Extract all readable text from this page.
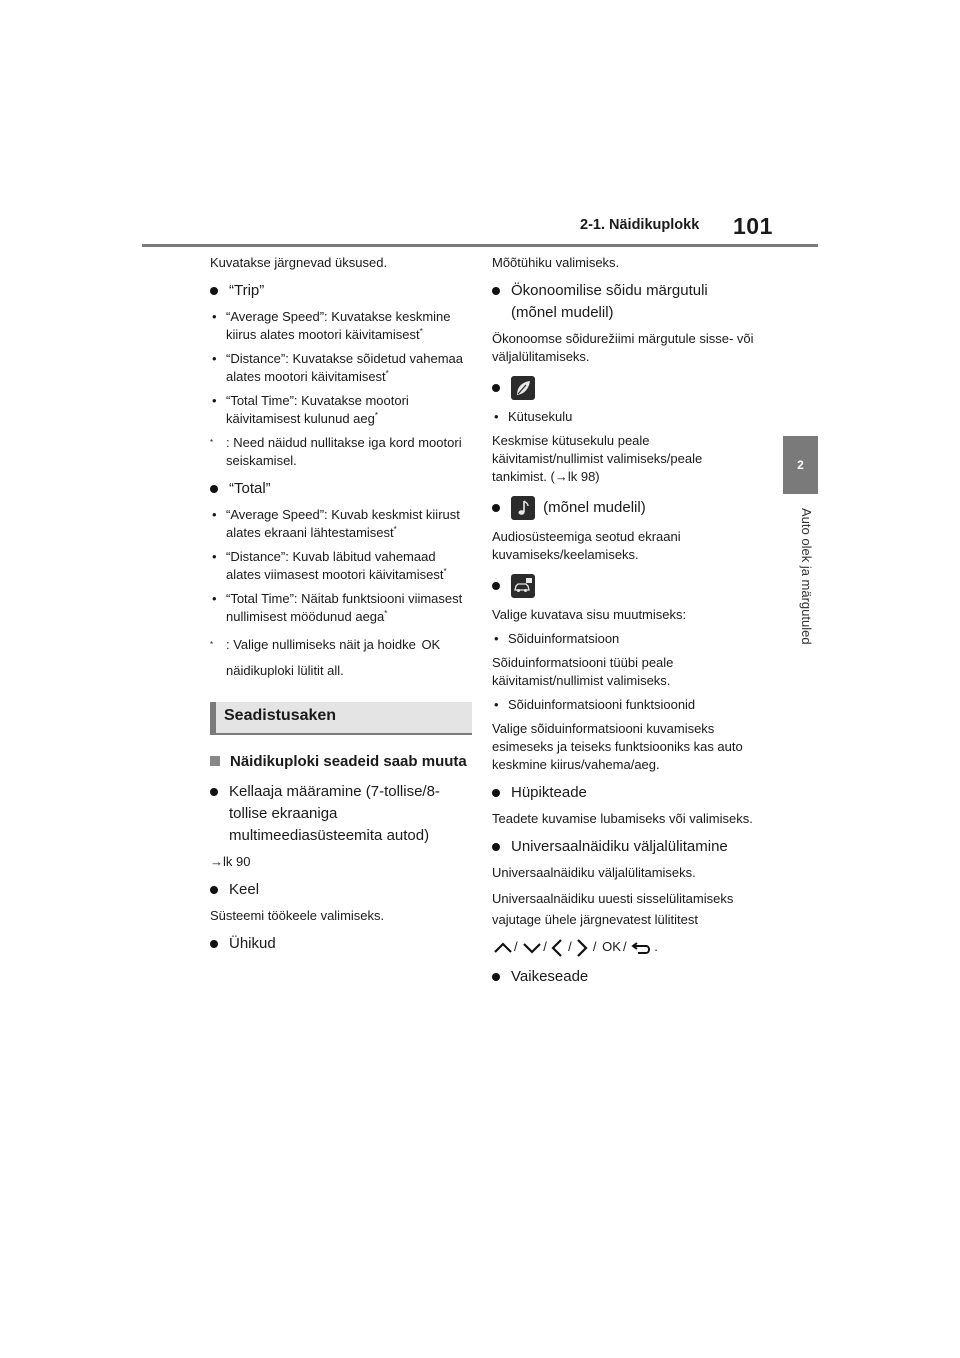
2-1. Näidikuplokk 101
2
Auto olek ja märgutuled

Kuvatakse järgnevad üksused.

“Trip”
• “Average Speed”: Kuvatakse keskmine kiirus alates mootori käivitamisest*
• “Distance”: Kuvatakse sõidetud vahemaa alates mootori käivitamisest*
• “Total Time”: Kuvatakse mootori käivitamisest kulunud aeg*
* : Need näidud nullitakse iga kord mootori seiskamisel.
“Total”
• “Average Speed”: Kuvab keskmist kiirust alates ekraani lähtestamisest*
• “Distance”: Kuvab läbitud vahemaad alates viimasest mootori käivitamisest*
• “Total Time”: Näitab funktsiooni viimasest nullimisest möödunud aega*
* : Valige nullimiseks näit ja hoidke OK
näidikuploki lülitit all.
Seadistusaken
Näidikuploki seadeid saab muuta
Kellaaja määramine (7-tollise/8-tollise ekraaniga multimeediasüsteemita autod)

→lk 90

Keel

Süsteemi töökeele valimiseks.

Ühikud

Mõõtühiku valimiseks.

Ökonoomilise sõidu märgutuli (mõnel mudelil)

Ökonoomse sõidurežiimi märgutule sisse- või väljalülitamiseks.

• Kütusekulu

Keskmise kütusekulu peale käivitamist/nullimist valimiseks/peale tankimist. (→lk 98)

(mõnel mudelil)

Audiosüsteemiga seotud ekraani kuvamiseks/keelamiseks.

Valige kuvatava sisu muutmiseks:

• Sõiduinformatsioon

Sõiduinformatsiooni tüübi peale käivitamist/nullimist valimiseks.

• Sõiduinformatsiooni funktsioonid

Valige sõiduinformatsiooni kuvamiseks esimeseks ja teiseks funktsiooniks kas auto keskmine kiirus/vahema/aeg.

Hüpikteade

Teadete kuvamise lubamiseks või valimiseks.

Universaalnäidiku väljalülitamine

Universaalnäidiku väljalülitamiseks.

Universaalnäidiku uuesti sisselülitamiseks vajutage ühele järgnevatest lülititest

/ /  /  / OK / .

Vaikeseade
